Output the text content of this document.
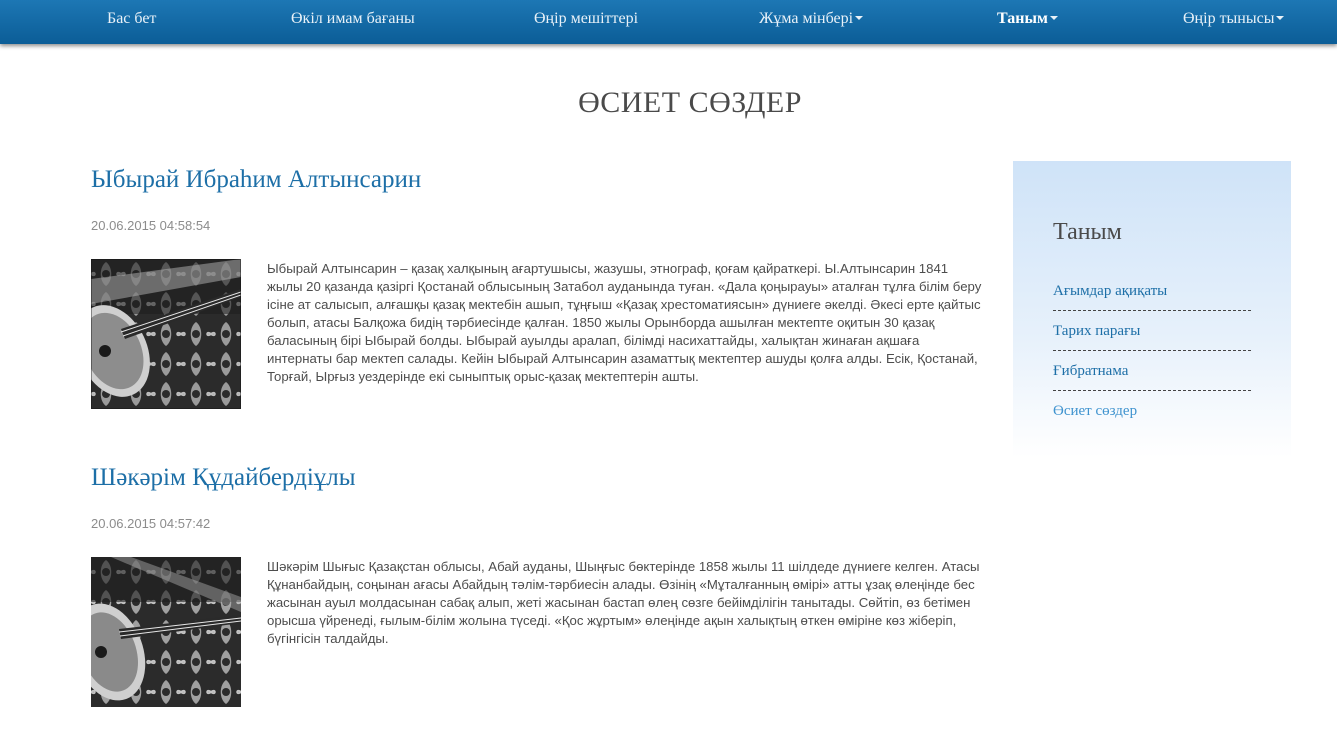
Бас бет	Өкіл имам бағаны	Өңір мешіттері	Жұма мінбері	Таным	Өңір тынысы
ӨСИЕТ СӨЗДЕР
Ыбырай Ибраһим Алтынсарин
20.06.2015 04:58:54
Ыбырай Алтынсарин – қазақ халқының ағартушысы, жазушы, этнограф, қоғам қайраткері. Ы.Алтынсарин 1841 жылы 20 қазанда қазіргі Қостанай облысының Затабол ауданында туған. «Дала қоңырауы» аталған тұлға білім беру ісіне ат салысып, алғашқы қазақ мектебін ашып, тұңғыш «Қазақ хрестоматиясын» дүниеге әкелді. Әкесі ерте қайтыс болып, атасы Балқожа бидің тәрбиесінде қалған. 1850 жылы Орынборда ашылған мектепте оқитын 30 қазақ баласының бірі Ыбырай болды. Ыбырай ауылды аралап, білімді насихаттайды, халықтан жинаған ақшаға интернаты бар мектеп салады. Кейін Ыбырай Алтынсарин азаматтық мектептер ашуды қолға алды. Есік, Қостанай, Торғай, Ырғыз уездерінде екі сыныптық орыс-қазақ мектептерін ашты.
Шәкәрім Құдайбердіұлы
20.06.2015 04:57:42
Шәкәрім Шығыс Қазақстан облысы, Абай ауданы, Шыңғыс бөктерінде 1858 жылы 11 шілдеде дүниеге келген. Атасы Құнанбайдың, соңынан ағасы Абайдың тәлім-тәрбиесін алады. Өзінің «Мұталғанның өмірі» атты ұзақ өлеңінде бес жасынан ауыл молдасынан сабақ алып, жеті жасынан бастап өлең сөзге бейімділігін танытады. Сөйтіп, өз бетімен орысша үйренеді, ғылым-білім жолына түседі. «Қос жұртым» өлеңінде ақын халықтың өткен өміріне көз жіберіп, бүгінгісін талдайды.
Таным
Ағымдар ақиқаты
Тарих парағы
Ғибратнама
Өсиет сөздер
